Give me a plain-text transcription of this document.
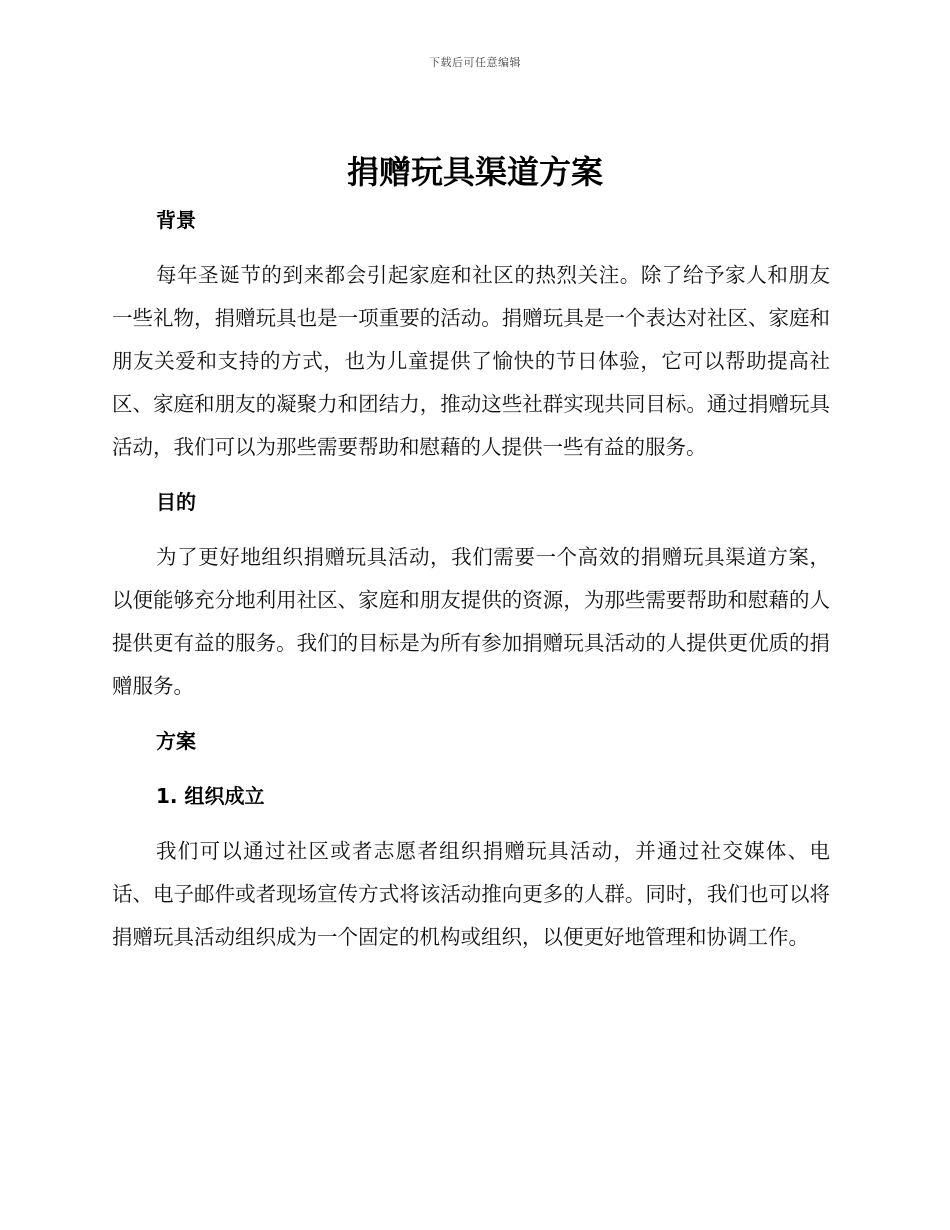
下载后可任意编辑
捐赠玩具渠道方案
背景

每年圣诞节的到来都会引起家庭和社区的热烈关注。除了给予家人和朋友一些礼物，捐赠玩具也是一项重要的活动。捐赠玩具是一个表达对社区、家庭和朋友关爱和支持的方式，也为儿童提供了愉快的节日体验，它可以帮助提高社区、家庭和朋友的凝聚力和团结力，推动这些社群实现共同目标。通过捐赠玩具活动，我们可以为那些需要帮助和慰藉的人提供一些有益的服务。

目的

为了更好地组织捐赠玩具活动，我们需要一个高效的捐赠玩具渠道方案，以便能够充分地利用社区、家庭和朋友提供的资源，为那些需要帮助和慰藉的人提供更有益的服务。我们的目标是为所有参加捐赠玩具活动的人提供更优质的捐赠服务。

方案
1. 组织成立

我们可以通过社区或者志愿者组织捐赠玩具活动，并通过社交媒体、电话、电子邮件或者现场宣传方式将该活动推向更多的人群。同时，我们也可以将捐赠玩具活动组织成为一个固定的机构或组织，以便更好地管理和协调工作。
